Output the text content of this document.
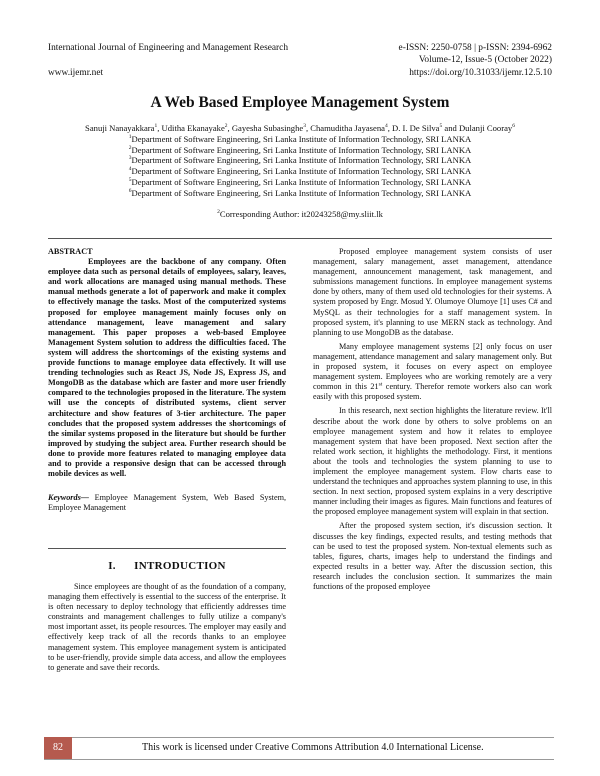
International Journal of Engineering and Management Research	e-ISSN: 2250-0758 | p-ISSN: 2394-6962
Volume-12, Issue-5 (October 2022)
www.ijemr.net	https://doi.org/10.31033/ijemr.12.5.10
A Web Based Employee Management System
Sanuji Nanayakkara$^1$, Uditha Ekanayake$^2$, Gayesha Subasinghe$^3$, Chamuditha Jayasena$^4$, D. I. De Silva$^5$ and Dulanji Cooray$^6$
$^1$Department of Software Engineering, Sri Lanka Institute of Information Technology, SRI LANKA
$^2$Department of Software Engineering, Sri Lanka Institute of Information Technology, SRI LANKA
$^3$Department of Software Engineering, Sri Lanka Institute of Information Technology, SRI LANKA
$^4$Department of Software Engineering, Sri Lanka Institute of Information Technology, SRI LANKA
$^5$Department of Software Engineering, Sri Lanka Institute of Information Technology, SRI LANKA
$^6$Department of Software Engineering, Sri Lanka Institute of Information Technology, SRI LANKA
$^2$Corresponding Author: it20243258@my.sliit.lk

ABSTRACT
Employees are the backbone of any company. Often employee data such as personal details of employees, salary, leaves, and work allocations are managed using manual methods. These manual methods generate a lot of paperwork and make it complex to effectively manage the tasks. Most of the computerized systems proposed for employee management mainly focuses only on attendance management, leave management and salary management. This paper proposes a web-based Employee Management System solution to address the difficulties faced. The system will address the shortcomings of the existing systems and provide functions to manage employee data effectively. It will use trending technologies such as React JS, Node JS, Express JS, and MongoDB as the database which are faster and more user friendly compared to the technologies proposed in the literature. The system will use the concepts of distributed systems, client server architecture and show features of 3-tier architecture. The paper concludes that the proposed system addresses the shortcomings of the similar systems proposed in the literature but should be further improved by studying the subject area. Further research should be done to provide more features related to managing employee data and to provide a responsive design that can be accessed through mobile devices as well.

Keywords— Employee Management System, Web Based System, Employee Management

I. INTRODUCTION

Since employees are thought of as the foundation of a company, managing them effectively is essential to the success of the enterprise. It is often necessary to deploy technology that efficiently addresses time constraints and management challenges to fully utilize a company's most important asset, its people resources. The employer may easily and effectively keep track of all the records thanks to an employee management system. This employee management system is anticipated to be user-friendly, provide simple data access, and allow the employees to generate and save their records.

Proposed employee management system consists of user management, salary management, asset management, attendance management, announcement management, task management, and submissions management functions. In employee management systems done by others, many of them used old technologies for their systems. A system proposed by Engr. Mosud Y. Olumoye Olumoye [1] uses C# and MySQL as their technologies for a staff management system. In proposed system, it's planning to use MERN stack as technology. And planning to use MongoDB as the database.

Many employee management systems [2] only focus on user management, attendance management and salary management only. But in proposed system, it focuses on every aspect on employee management system. Employees who are working remotely are a very common in this 21st century. Therefor remote workers also can work easily with this proposed system.

In this research, next section highlights the literature review. It'll describe about the work done by others to solve problems on an employee management system and how it relates to employee management system that have been proposed. Next section after the related work section, it highlights the methodology. First, it mentions about the tools and technologies the system planning to use to implement the employee management system. Flow charts ease to understand the techniques and approaches system planning to use, in this section. In next section, proposed system explains in a very descriptive manner including their images as figures. Main functions and features of the proposed employee management system will explain in that section.

After the proposed system section, it's discussion section. It discusses the key findings, expected results, and testing methods that can be used to test the proposed system. Non-textual elements such as tables, figures, charts, images help to understand the findings and expected results in a better way. After the discussion section, this research includes the conclusion section. It summarizes the main functions of the proposed employee

82	This work is licensed under Creative Commons Attribution 4.0 International License.
